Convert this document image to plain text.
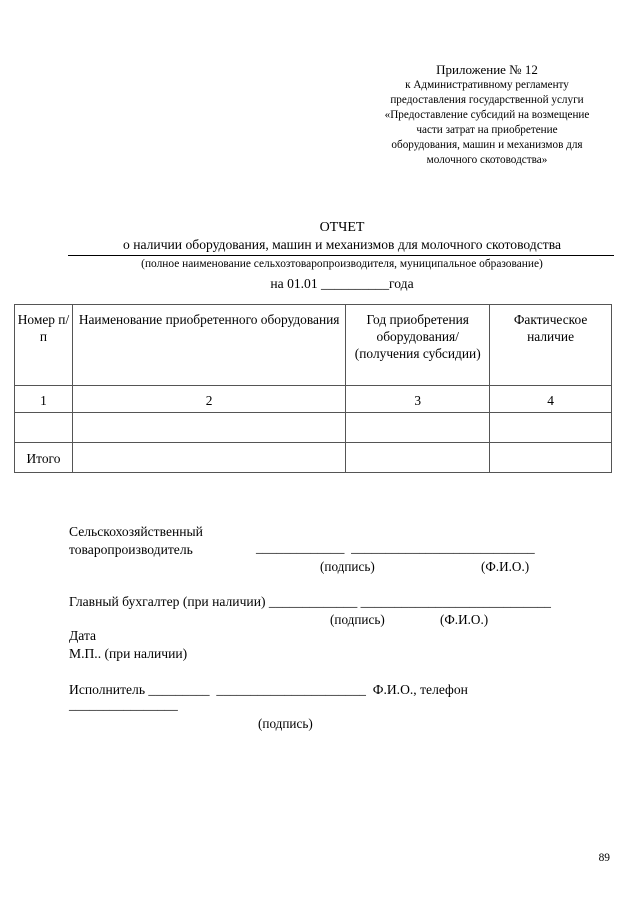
Приложение № 12
к Административному регламенту
предоставления государственной услуги
«Предоставление субсидий на возмещение
части затрат на приобретение
оборудования, машин и механизмов для
молочного скотоводства»
ОТЧЕТ
о наличии оборудования, машин и механизмов для молочного скотоводства
(полное наименование сельхозтоваропроизводителя, муниципальное образование)
на 01.01 __________года
Номер п/п	Наименование приобретенного оборудования	Год приобретения оборудования/ (получения субсидии)	Фактическое наличие
1	2	3	4

Итого			
Сельскохозяйственный
товаропроизводитель	_____________  ___________________________
(подпись)	(Ф.И.О.)
Главный бухгалтер (при наличии) _____________ ____________________________
(подпись)	(Ф.И.О.)
Дата
М.П.. (при наличии)
Исполнитель _________  ______________________  Ф.И.О., телефон
________________
(подпись)
89
